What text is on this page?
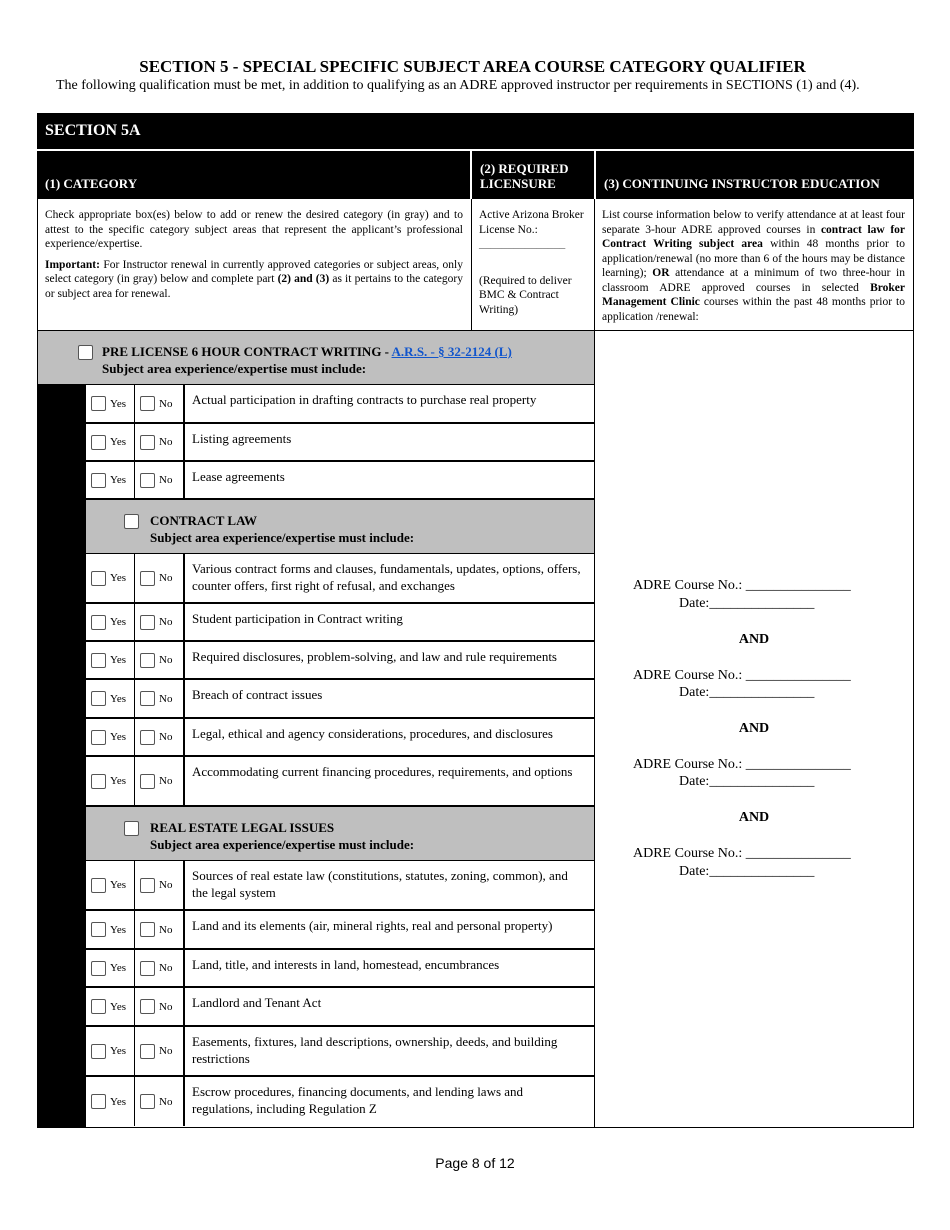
SECTION 5 - SPECIAL SPECIFIC SUBJECT AREA COURSE CATEGORY QUALIFIER
The following qualification must be met, in addition to qualifying as an ADRE approved instructor per requirements in SECTIONS (1) and (4).
SECTION 5A
(1) CATEGORY
(2) REQUIRED LICENSURE	(3) CONTINUING INSTRUCTOR EDUCATION
Check appropriate box(es) below to add or renew the desired category (in gray) and to attest to the specific category subject areas that represent the applicant’s professional experience/expertise.
Important: For Instructor renewal in currently approved categories or subject areas, only select category (in gray) below and complete part (2) and (3) as it pertains to the category or subject area for renewal.
Active Arizona Broker License No.:
_______________
(Required to deliver BMC & Contract Writing)
List course information below to verify attendance at at least four separate 3-hour ADRE approved courses in contract law for Contract Writing subject area within 48 months prior to application/renewal (no more than 6 of the hours may be distance learning); OR attendance at a minimum of two three-hour in classroom ADRE approved courses in selected Broker Management Clinic courses within the past 48 months prior to application /renewal:
PRE LICENSE 6 HOUR CONTRACT WRITING - A.R.S. - § 32-2124 (L)
Subject area experience/expertise must include:
Yes	No	Actual participation in drafting contracts to purchase real property
Yes	No	Listing agreements
Yes	No	Lease agreements
CONTRACT LAW
Subject area experience/expertise must include:
Yes	No
Various contract forms and clauses, fundamentals, updates, options, offers, counter offers, first right of refusal, and exchanges
Yes	No	Student participation in Contract writing
Yes	No	Required disclosures, problem-solving, and law and rule requirements
Yes	No	Breach of contract issues
Yes	No	Legal, ethical and agency considerations, procedures, and disclosures
Yes	No
Accommodating current financing procedures, requirements, and options
REAL ESTATE LEGAL ISSUES
Subject area experience/expertise must include:
Yes	No
Sources of real estate law (constitutions, statutes, zoning, common), and the legal system
Yes	No	Land and its elements (air, mineral rights, real and personal property)
Yes	No	Land, title, and interests in land, homestead, encumbrances
Yes	No	Landlord and Tenant Act
Yes	No
Easements, fixtures, land descriptions, ownership, deeds, and building restrictions
Yes	No
Escrow procedures, financing documents, and lending laws and regulations, including Regulation Z
ADRE Course No.: _______________
Date:_______________
AND
ADRE Course No.: _______________
Date:_______________
AND
ADRE Course No.: _______________
Date:_______________
AND
ADRE Course No.: _______________
Date:_______________
Page 8 of 12
